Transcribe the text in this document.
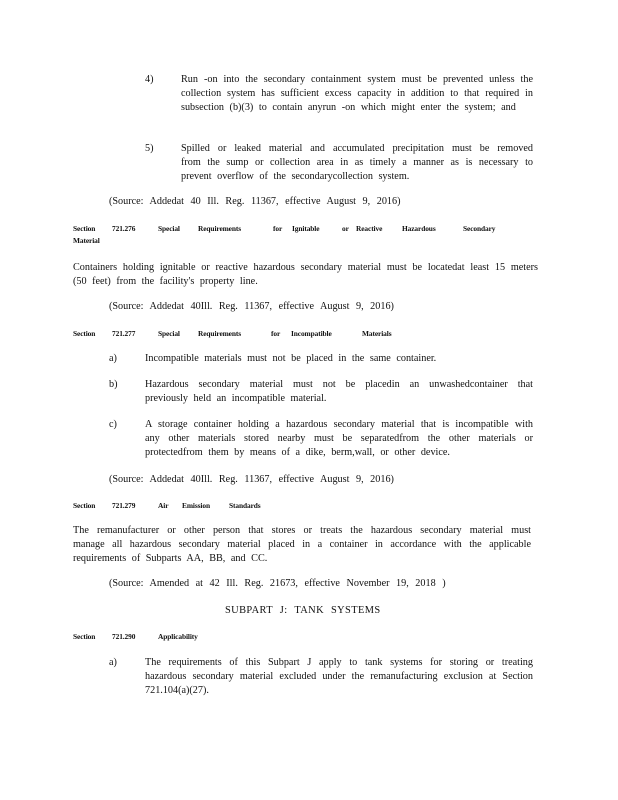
4)	Run -on into the secondary containment system must be prevented unless the collection system has sufficient excess capacity in addition to that required in subsection (b)(3) to contain anyrun -on which might enter the system; and
5)	Spilled or leaked material and accumulated precipitation must be removed from the sump or collection area in as timely a manner as is necessary to prevent overflow of the secondarycollection system.
(Source: Addedat 40 Ill. Reg. 11367, effective August 9, 2016)
Section 721.276	Special Requirements	for Ignitable	or Reactive	Hazardous	Secondary
Material
Containers holding ignitable or reactive hazardous secondary material must be locatedat least 15 meters (50 feet) from the facility's property line.
(Source: Addedat 40Ill. Reg. 11367, effective August 9, 2016)
Section 721.277	Special Requirements	for Incompatible	Materials
a)	Incompatible materials must not be placed in the same container.
b)	Hazardous secondary material must not be placedin an unwashedcontainer that previously held an incompatible material.
c)	A storage container holding a hazardous secondary material that is incompatible with any other materials stored nearby must be separatedfrom the other materials or protectedfrom them by means of a dike, berm,wall, or other device.
(Source: Addedat 40Ill. Reg. 11367, effective August 9, 2016)
Section 721.279	Air Emission	Standards
The remanufacturer or other person that stores or treats the hazardous secondary material must manage all hazardous secondary material placed in a container in accordance with the applicable requirements of Subparts AA, BB, and CC.
(Source: Amended at 42 Ill. Reg. 21673, effective November 19, 2018 )
SUBPART J: TANK SYSTEMS
Section 721.290	Applicability
a)	The requirements of this Subpart J apply to tank systems for storing or treating hazardous secondary material excluded under the remanufacturing exclusion at Section 721.104(a)(27).
